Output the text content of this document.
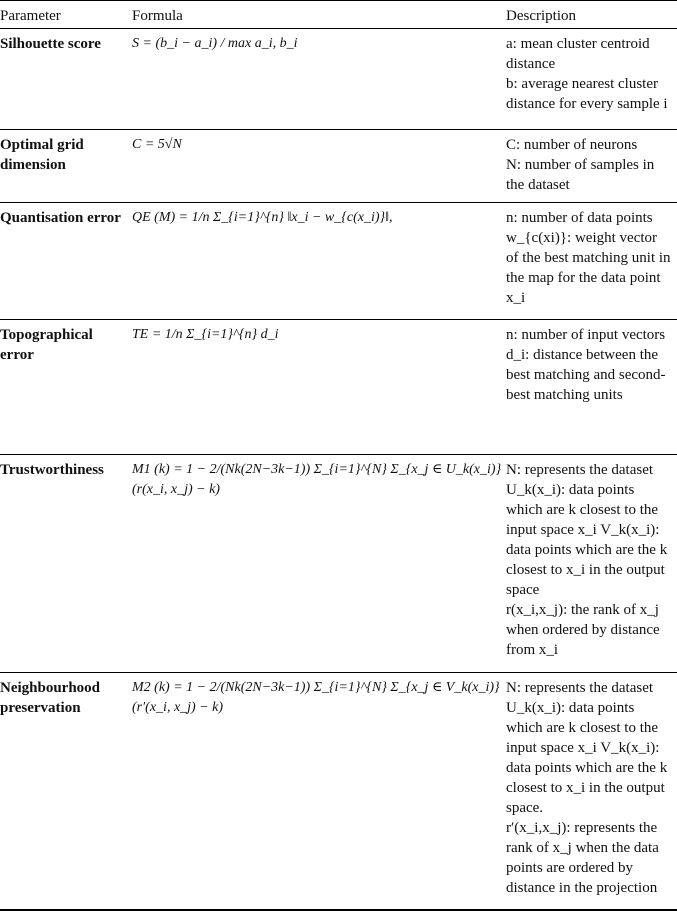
Parameter	Formula	Description
Silhouette score	S = (b_i − a_i) / max a_i, b_i	a: mean cluster centroid distance
b: average nearest cluster distance for every sample i
Optimal grid dimension	C = 5√N	C: number of neurons
N: number of samples in the dataset
Quantisation error	QE (M) = 1/n Σ_{i=1}^{n} ‖x_i − w_{c(x_i)}‖,	n: number of data points
w_{c(xi)}: weight vector of the best matching unit in the map for the data point x_i
Topographical error	TE = 1/n Σ_{i=1}^{n} d_i	n: number of input vectors
d_i: distance between the best matching and second-best matching units
Trustworthiness	M1 (k) = 1 − 2/(Nk(2N−3k−1)) Σ_{i=1}^{N} Σ_{x_j ∈ U_k(x_i)} (r(x_i, x_j) − k)	N: represents the dataset
U_k(x_i): data points which are k closest to the input space x_i V_k(x_i): data points which are the k closest to x_i in the output space
r(x_i,x_j): the rank of x_j when ordered by distance from x_i
Neighbourhood preservation	M2 (k) = 1 − 2/(Nk(2N−3k−1)) Σ_{i=1}^{N} Σ_{x_j ∈ V_k(x_i)} (r′(x_i, x_j) − k)	N: represents the dataset
U_k(x_i): data points which are k closest to the input space x_i V_k(x_i): data points which are the k closest to x_i in the output space.
r′(x_i,x_j): represents the rank of x_j when the data points are ordered by distance in the projection
